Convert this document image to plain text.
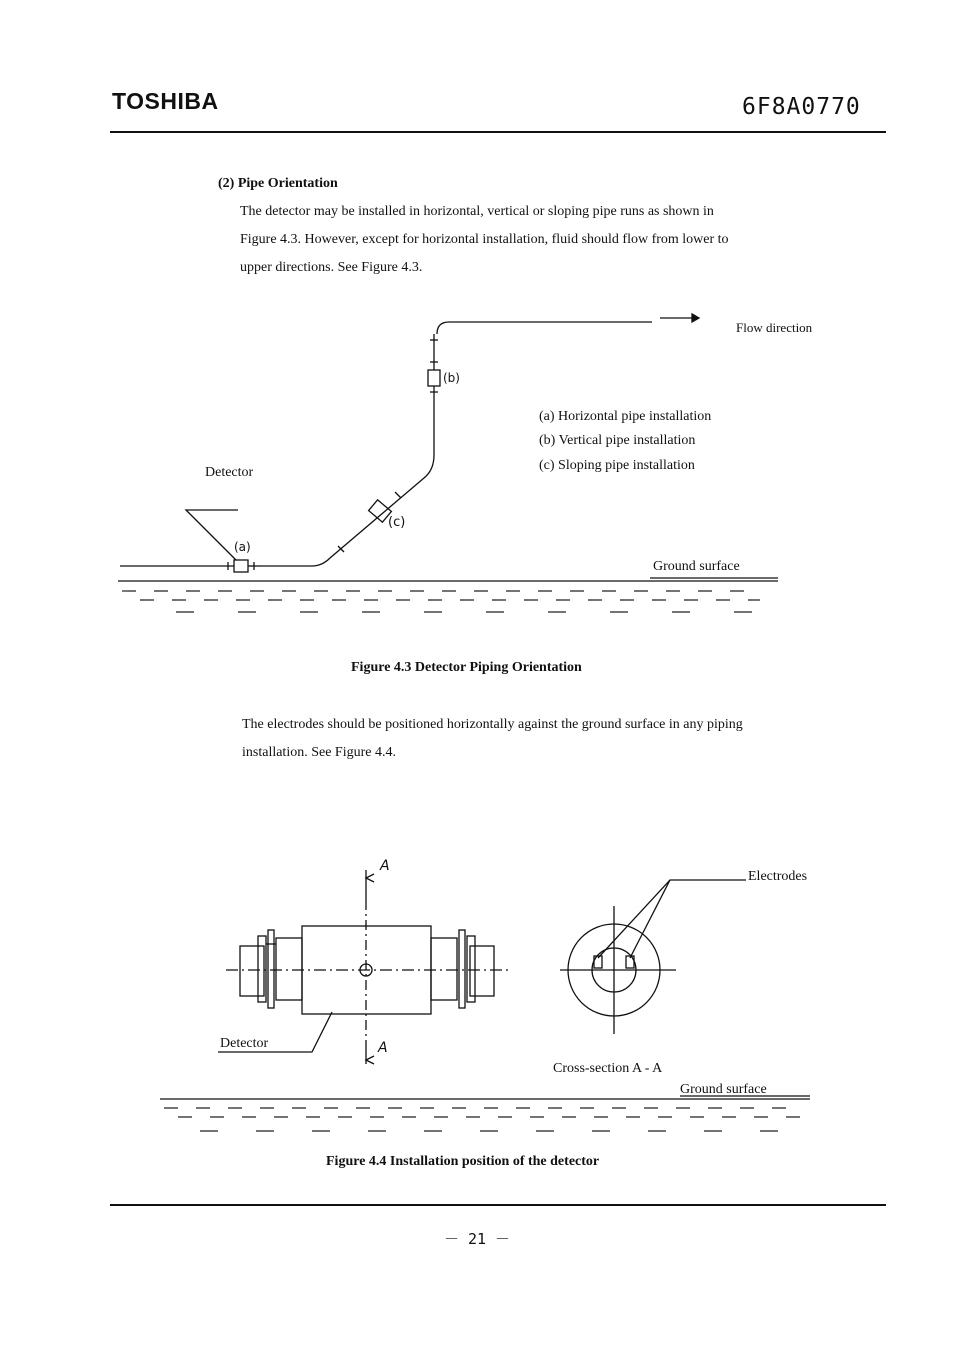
TOSHIBA	6F8A0770
(2) Pipe Orientation
The detector may be installed in horizontal, vertical or sloping pipe runs as shown in
Figure 4.3. However, except for horizontal installation, fluid should flow from lower to
upper directions. See Figure 4.3.
Flow direction
(b)
(c)
(a)
(a) Horizontal pipe installation
(b) Vertical pipe installation
(c) Sloping pipe installation
Detector
Ground surface
Figure 4.3 Detector Piping Orientation
The electrodes should be positioned horizontally against the ground surface in any piping
installation. See Figure 4.4.
A
A
Electrodes
Detector
Cross-section A - A
Ground surface
Figure 4.4 Installation position of the detector
－ 21 －
